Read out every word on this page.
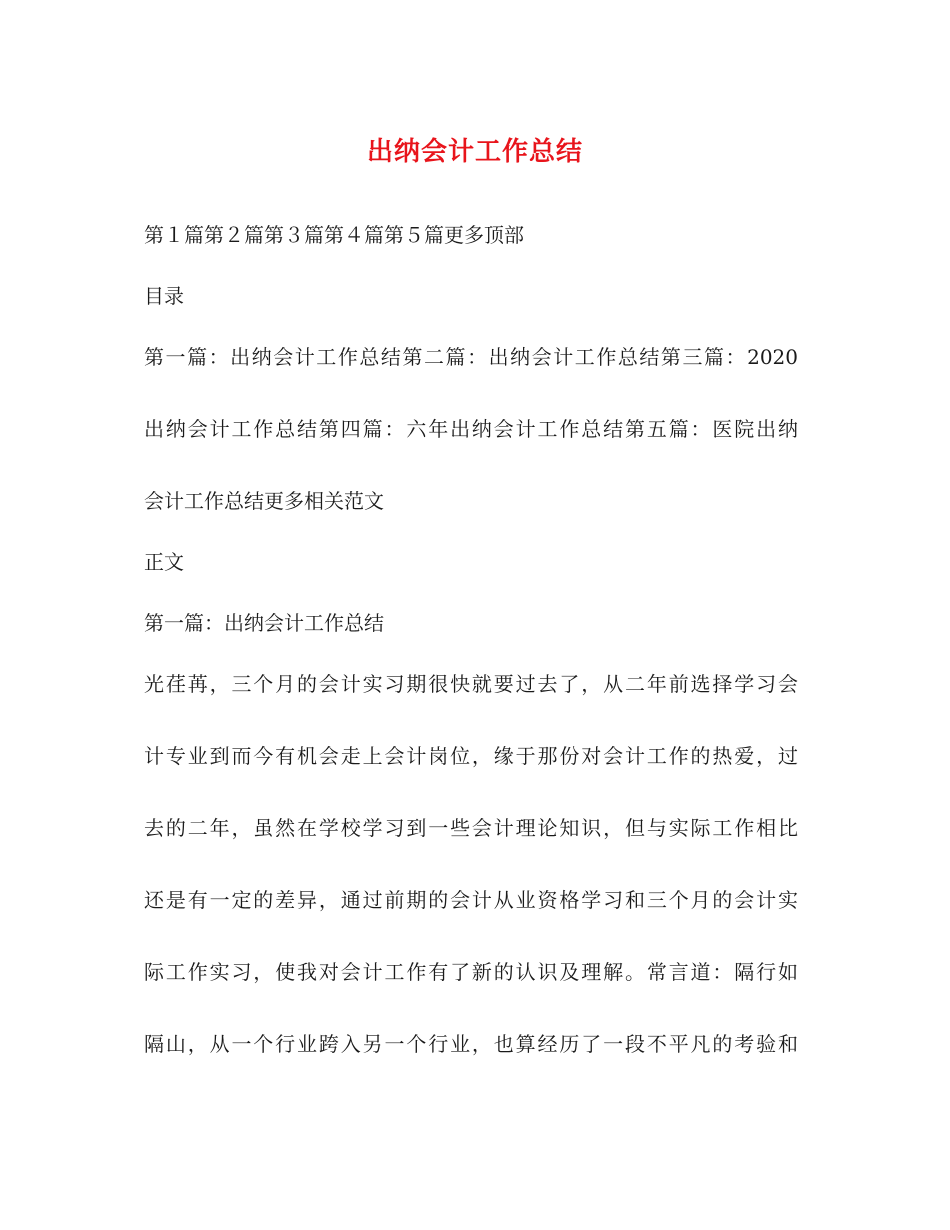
出纳会计工作总结
第１篇第２篇第３篇第４篇第５篇更多顶部
目录
第一篇：出纳会计工作总结第二篇：出纳会计工作总结第三篇：2020
出纳会计工作总结第四篇：六年出纳会计工作总结第五篇：医院出纳
会计工作总结更多相关范文
正文
第一篇：出纳会计工作总结
光荏苒，三个月的会计实习期很快就要过去了，从二年前选择学习会
计专业到而今有机会走上会计岗位，缘于那份对会计工作的热爱，过
去的二年，虽然在学校学习到一些会计理论知识，但与实际工作相比
还是有一定的差异，通过前期的会计从业资格学习和三个月的会计实
际工作实习，使我对会计工作有了新的认识及理解。常言道：隔行如
隔山，从一个行业跨入另一个行业，也算经历了一段不平凡的考验和
